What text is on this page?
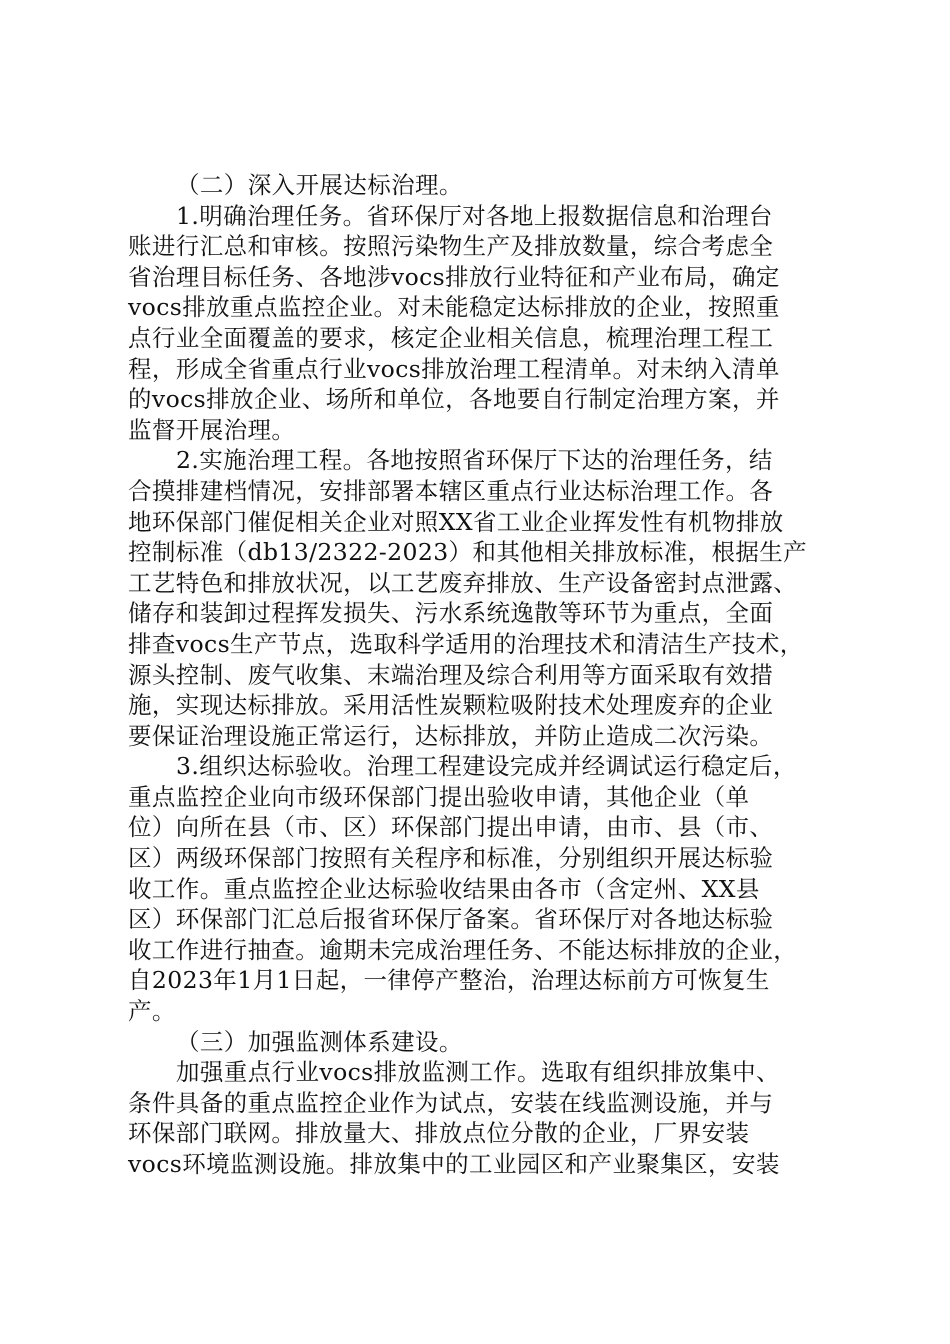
（二）深入开展达标治理。
1.明确治理任务。省环保厅对各地上报数据信息和治理台
账进行汇总和审核。按照污染物生产及排放数量，综合考虑全
省治理目标任务、各地涉vocs排放行业特征和产业布局，确定
vocs排放重点监控企业。对未能稳定达标排放的企业，按照重
点行业全面覆盖的要求，核定企业相关信息，梳理治理工程工
程，形成全省重点行业vocs排放治理工程清单。对未纳入清单
的vocs排放企业、场所和单位，各地要自行制定治理方案，并
监督开展治理。
2.实施治理工程。各地按照省环保厅下达的治理任务，结
合摸排建档情况，安排部署本辖区重点行业达标治理工作。各
地环保部门催促相关企业对照XX省工业企业挥发性有机物排放
控制标准（db13/2322-2023）和其他相关排放标准，根据生产
工艺特色和排放状况，以工艺废弃排放、生产设备密封点泄露、
储存和装卸过程挥发损失、污水系统逸散等环节为重点，全面
排查vocs生产节点，选取科学适用的治理技术和清洁生产技术，
源头控制、废气收集、末端治理及综合利用等方面采取有效措
施，实现达标排放。采用活性炭颗粒吸附技术处理废弃的企业
要保证治理设施正常运行，达标排放，并防止造成二次污染。
3.组织达标验收。治理工程建设完成并经调试运行稳定后，
重点监控企业向市级环保部门提出验收申请，其他企业（单
位）向所在县（市、区）环保部门提出申请，由市、县（市、
区）两级环保部门按照有关程序和标准，分别组织开展达标验
收工作。重点监控企业达标验收结果由各市（含定州、XX县
区）环保部门汇总后报省环保厅备案。省环保厅对各地达标验
收工作进行抽查。逾期未完成治理任务、不能达标排放的企业，
自2023年1月1日起，一律停产整治，治理达标前方可恢复生
产。
（三）加强监测体系建设。
加强重点行业vocs排放监测工作。选取有组织排放集中、
条件具备的重点监控企业作为试点，安装在线监测设施，并与
环保部门联网。排放量大、排放点位分散的企业，厂界安装
vocs环境监测设施。排放集中的工业园区和产业聚集区，安装
